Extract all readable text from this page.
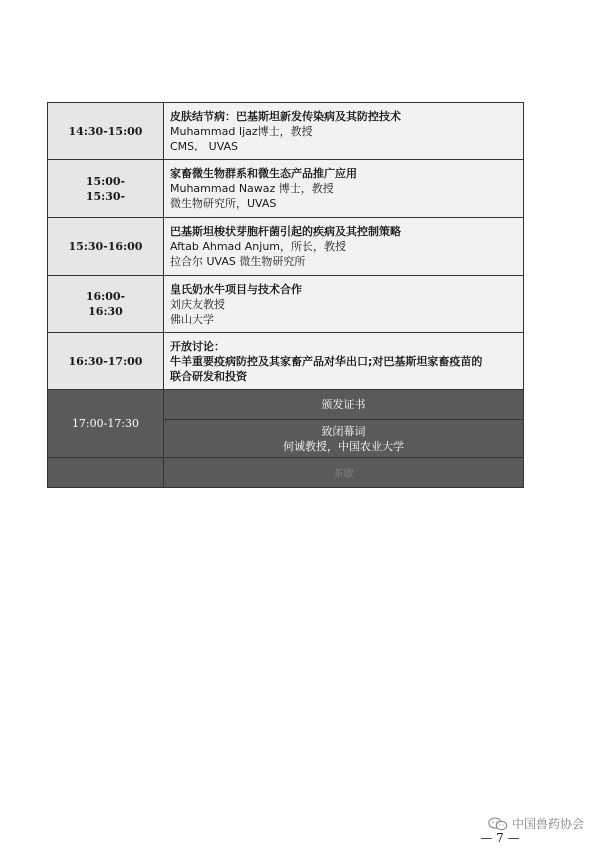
14:30-15:00	皮肤结节病：巴基斯坦新发传染病及其防控技术
Muhammad Ijaz博士，教授
CMS,　UVAS

15:00-
15:30-	家畜微生物群系和微生态产品推广应用
Muhammad Nawaz 博士，教授
微生物研究所，UVAS

15:30-16:00	巴基斯坦梭状芽胞杆菌引起的疾病及其控制策略
Aftab Ahmad Anjum，所长，教授
拉合尔 UVAS 微生物研究所

16:00-
16:30	皇氏奶水牛项目与技术合作
刘庆友教授
佛山大学

16:30-17:00	开放讨论：
牛羊重要疫病防控及其家畜产品对华出口;对巴基斯坦家畜疫苗的
联合研发和投资

17:00-17:30	颁发证书

	致闭幕词
何诚教授，中国农业大学

	茶歇
中国兽药协会
— 7 —
